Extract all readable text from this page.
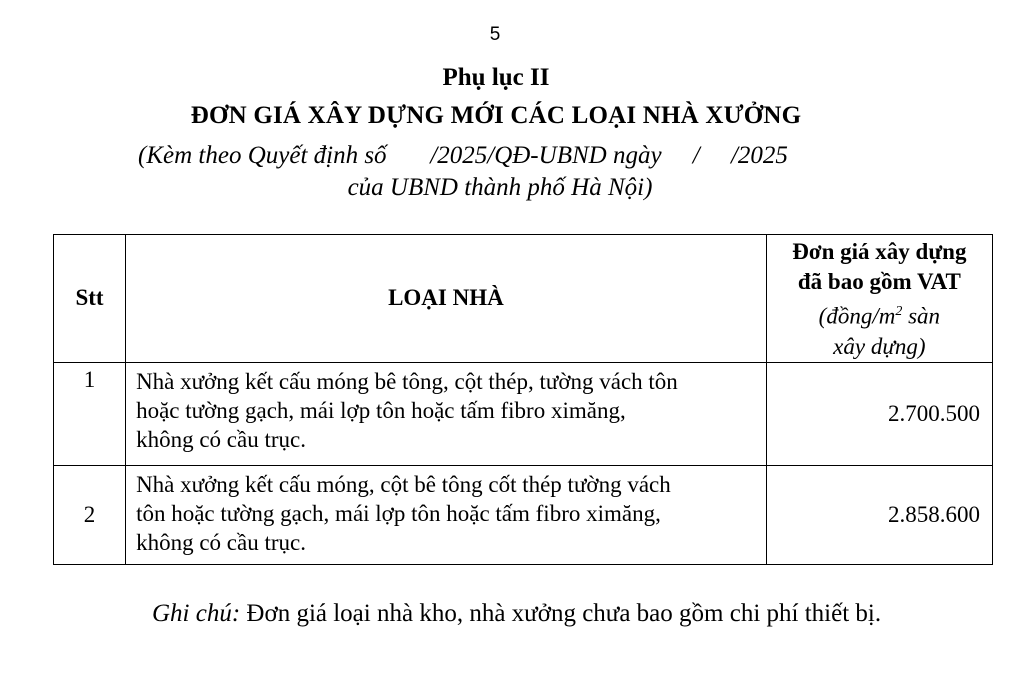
5
Phụ lục II
ĐƠN GIÁ XÂY DỰNG MỚI CÁC LOẠI NHÀ XƯỞNG
(Kèm theo Quyết định số       /2025/QĐ-UBND ngày     /     /2025
của UBND thành phố Hà Nội)
Stt	LOẠI NHÀ	Đơn giá xây dựng
đã bao gồm VAT
($đồng/m^2$ sàn
xây dựng)

1	Nhà xưởng kết cấu móng bê tông, cột thép, tường vách tôn
hoặc tường gạch, mái lợp tôn hoặc tấm fibro ximăng,
không có cầu trục.	2.700.500
2	Nhà xưởng kết cấu móng, cột bê tông cốt thép tường vách
tôn hoặc tường gạch, mái lợp tôn hoặc tấm fibro ximăng,
không có cầu trục.	2.858.600
Ghi chú: Đơn giá loại nhà kho, nhà xưởng chưa bao gồm chi phí thiết bị.
